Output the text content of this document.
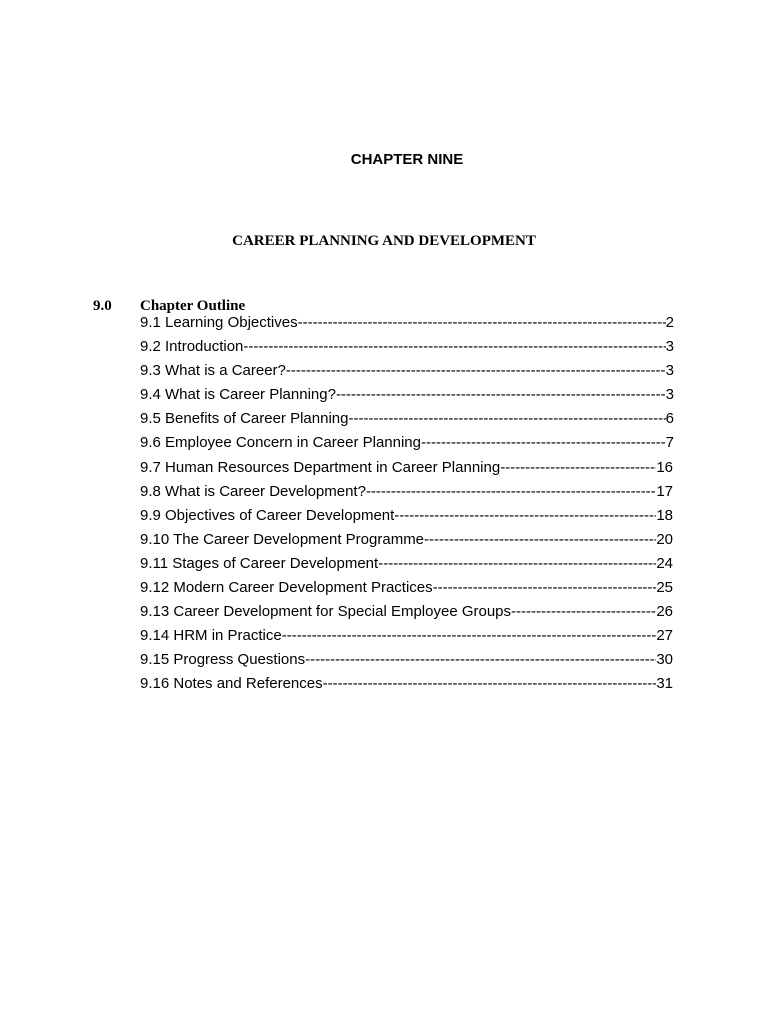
CHAPTER NINE
CAREER PLANNING AND DEVELOPMENT
9.0 Chapter Outline
9.1 Learning Objectives -----	2
9.2 Introduction -----	3
9.3 What is a Career? -----	3
9.4 What is Career Planning? -----	3
9.5 Benefits of Career Planning -----	6
9.6 Employee Concern in Career Planning -----	7
9.7 Human Resources Department in Career Planning -----	16
9.8 What is Career Development? -----	17
9.9 Objectives of Career Development -----	18
9.10 The Career Development Programme -----	20
9.11 Stages of Career Development -----	24
9.12 Modern Career Development Practices -----	25
9.13 Career Development for Special Employee Groups -----	26
9.14 HRM in Practice -----	27
9.15 Progress Questions -----	30
9.16 Notes and References -----	31
